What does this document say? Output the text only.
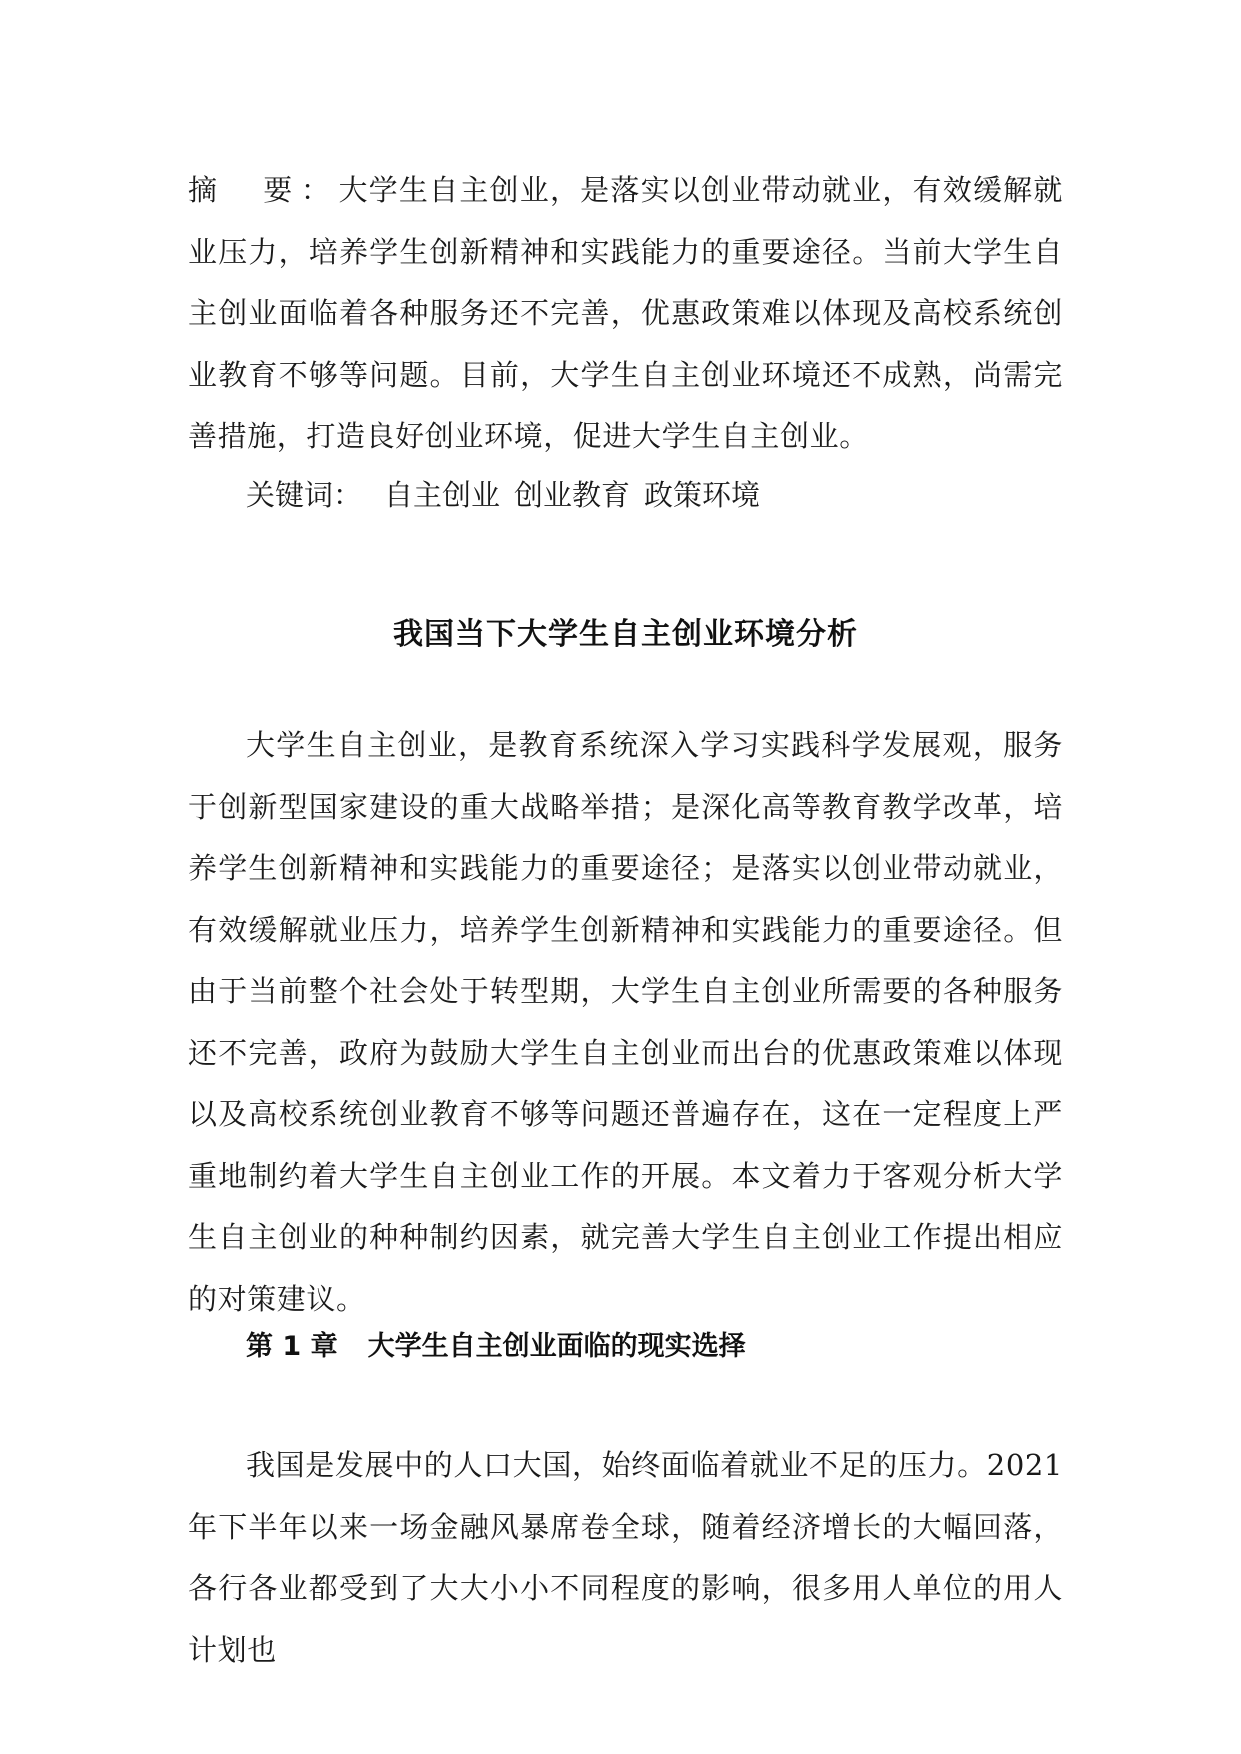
摘　要：大学生自主创业，是落实以创业带动就业，有效缓解就业压力，培养学生创新精神和实践能力的重要途径。当前大学生自主创业面临着各种服务还不完善，优惠政策难以体现及高校系统创业教育不够等问题。目前，大学生自主创业环境还不成熟，尚需完善措施，打造良好创业环境，促进大学生自主创业。

关键词： 自主创业 创业教育 政策环境

我国当下大学生自主创业环境分析

大学生自主创业，是教育系统深入学习实践科学发展观，服务于创新型国家建设的重大战略举措；是深化高等教育教学改革，培养学生创新精神和实践能力的重要途径；是落实以创业带动就业，有效缓解就业压力，培养学生创新精神和实践能力的重要途径。但由于当前整个社会处于转型期，大学生自主创业所需要的各种服务还不完善，政府为鼓励大学生自主创业而出台的优惠政策难以体现以及高校系统创业教育不够等问题还普遍存在，这在一定程度上严重地制约着大学生自主创业工作的开展。本文着力于客观分析大学生自主创业的种种制约因素，就完善大学生自主创业工作提出相应的对策建议。

第 1 章 大学生自主创业面临的现实选择

我国是发展中的人口大国，始终面临着就业不足的压力。2021年下半年以来一场金融风暴席卷全球，随着经济增长的大幅回落，各行各业都受到了大大小小不同程度的影响，很多用人单位的用人计划也
